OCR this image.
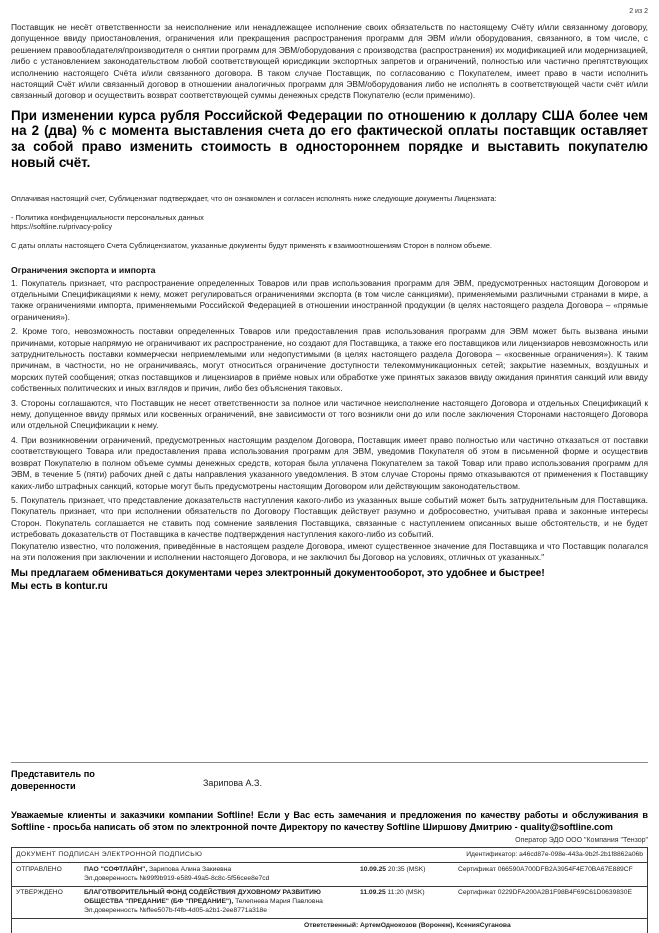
2 из 2

Поставщик не несёт ответственности за неисполнение или ненадлежащее исполнение своих обязательств по настоящему Счёту и/или связанному договору, допущенное ввиду приостановления, ограничения или прекращения распространения программ для ЭВМ и/или оборудования, связанного, в том числе, с решением правообладателя/производителя о снятии программ для ЭВМ/оборудования с производства (распространения) их модификацией или модернизацией, либо с установлением законодательством любой соответствующей юрисдикции экспортных запретов и ограничений, полностью или частично препятствующих исполнению настоящего Счёта и/или связанного договора. В таком случае Поставщик, по согласованию с Покупателем, имеет право в части исполнить настоящий Счёт и/или связанный договор в отношении аналогичных программ для ЭВМ/оборудования либо не исполнять в соответствующей части счёт и/или связанный договор и осуществить возврат соответствующей суммы денежных средств Покупателю (если применимо).

При изменении курса рубля Российской Федерации по отношению к доллару США более чем на 2 (два) % с момента выставления счета до его фактической оплаты поставщик оставляет за собой право изменить стоимость в одностороннем порядке и выставить покупателю новый счёт.

Оплачивая настоящий счет, Сублицензиат подтверждает, что он ознакомлен и согласен исполнять ниже следующие документы Лицензиата:

- Политика конфиденциальности персональных данных

https://softline.ru/privacy-policy

С даты оплаты настоящего Счета Сублицензиатом, указанные документы будут применять к взаимоотношениям Сторон в полном объеме.

Ограничения экспорта и импорта

1. Покупатель признает, что распространение определенных Товаров или прав использования программ для ЭВМ, предусмотренных настоящим Договором и отдельными Спецификациями к нему, может регулироваться ограничениями экспорта (в том числе санкциями), применяемыми различными странами в мире, а также ограничениями импорта, применяемыми Российской Федерацией в отношении иностранной продукции (в целях настоящего раздела Договора – «прямые ограничения»).

2. Кроме того, невозможность поставки определенных Товаров или предоставления прав использования программ для ЭВМ может быть вызвана иными причинами, которые напрямую не ограничивают их распространение, но создают для Поставщика, а также его поставщиков или лицензиаров невозможность или затруднительность поставки коммерчески неприемлемыми или недопустимыми (в целях настоящего раздела Договора – «косвенные ограничения»). К таким причинам, в частности, но не ограничиваясь, могут относиться ограничение доступности телекоммуникационных сетей; закрытие наземных, воздушных и морских путей сообщения; отказ поставщиков и лицензиаров в приёме новых или обработке уже принятых заказов ввиду ожидания принятия санкций или ввиду собственных политических и иных взглядов и причин, либо без объяснения таковых.

3. Стороны соглашаются, что Поставщик не несет ответственности за полное или частичное неисполнение настоящего Договора и отдельных Спецификаций к нему, допущенное ввиду прямых или косвенных ограничений, вне зависимости от того возникли они до или после заключения Сторонами настоящего Договора или отдельной Спецификации к нему.

4. При возникновении ограничений, предусмотренных настоящим разделом Договора, Поставщик имеет право полностью или частично отказаться от поставки соответствующего Товара или предоставления права использования программ для ЭВМ, уведомив Покупателя об этом в письменной форме и осуществив возврат Покупателю в полном объеме суммы денежных средств, которая была уплачена Покупателем за такой Товар или право использования программ для ЭВМ, в течение 5 (пяти) рабочих дней с даты направления указанного уведомления. В этом случае Стороны прямо отказываются от применения к Поставщику каких-либо штрафных санкций, которые могут быть предусмотрены настоящим Договором или действующим законодательством.

5. Покупатель признает, что представление доказательств наступления какого-либо из указанных выше событий может быть затруднительным для Поставщика. Покупатель признает, что при исполнении обязательств по Договору Поставщик действует разумно и добросовестно, учитывая права и законные интересы Сторон. Покупатель соглашается не ставить под сомнение заявления Поставщика, связанные с наступлением описанных выше обстоятельств, и не будет истребовать доказательств от Поставщика в качестве подтверждения наступления какого-либо из событий.

Покупателю известно, что положения, приведённые в настоящем разделе Договора, имеют существенное значение для Поставщика и что Поставщик полагался на эти положения при заключении и исполнении настоящего Договора, и не заключил бы Договор на условиях, отличных от указанных."

Мы предлагаем обмениваться документами через электронный документооборот, это удобнее и быстрее!
Мы есть в kontur.ru
Представитель по доверенности	Зарипова А.З.

Уважаемые клиенты и заказчики компании Softline! Если у Вас есть замечания и предложения по качеству работы и обслуживания в Softline - просьба написать об этом по электронной почте Директору по качеству Softline Ширшову Дмитрию - quality@softline.com

Оператор ЭДО ООО "Компания "Тензор"
ДОКУМЕНТ ПОДПИСАН ЭЛЕКТРОННОЙ ПОДПИСЬЮ	Идентификатор: a46cd87e-098e-443a-9b2f-2b1f8862a06b
ОТПРАВЛЕНО	ПАО "СОФТЛАЙН", Зарипова Алина Закиевна
Эл.доверенность №99f9b919-e589-49a5-8c8c-5f56cee8e7cd
10.09.25 20:35 (MSK)	Сертификат 066590A700DFB2A3954F4E70BA67E889CF
УТВЕРЖДЕНО	БЛАГОТВОРИТЕЛЬНЫЙ ФОНД СОДЕЙСТВИЯ ДУХОВНОМУ РАЗВИТИЮ ОБЩЕСТВА "ПРЕДАНИЕ" (БФ "ПРЕДАНИЕ"), Телепнева Мария Павловна
Эл.доверенность №ffee507b-f4fb-4d05-a2b1-2ee8771a318e
11.09.25 11:20 (MSK)	Сертификат 0229DFA200A2B1F98B4F69C61D0639830E
Ответственный: АртемОднокозов (Воронеж), КсенияСуганова
